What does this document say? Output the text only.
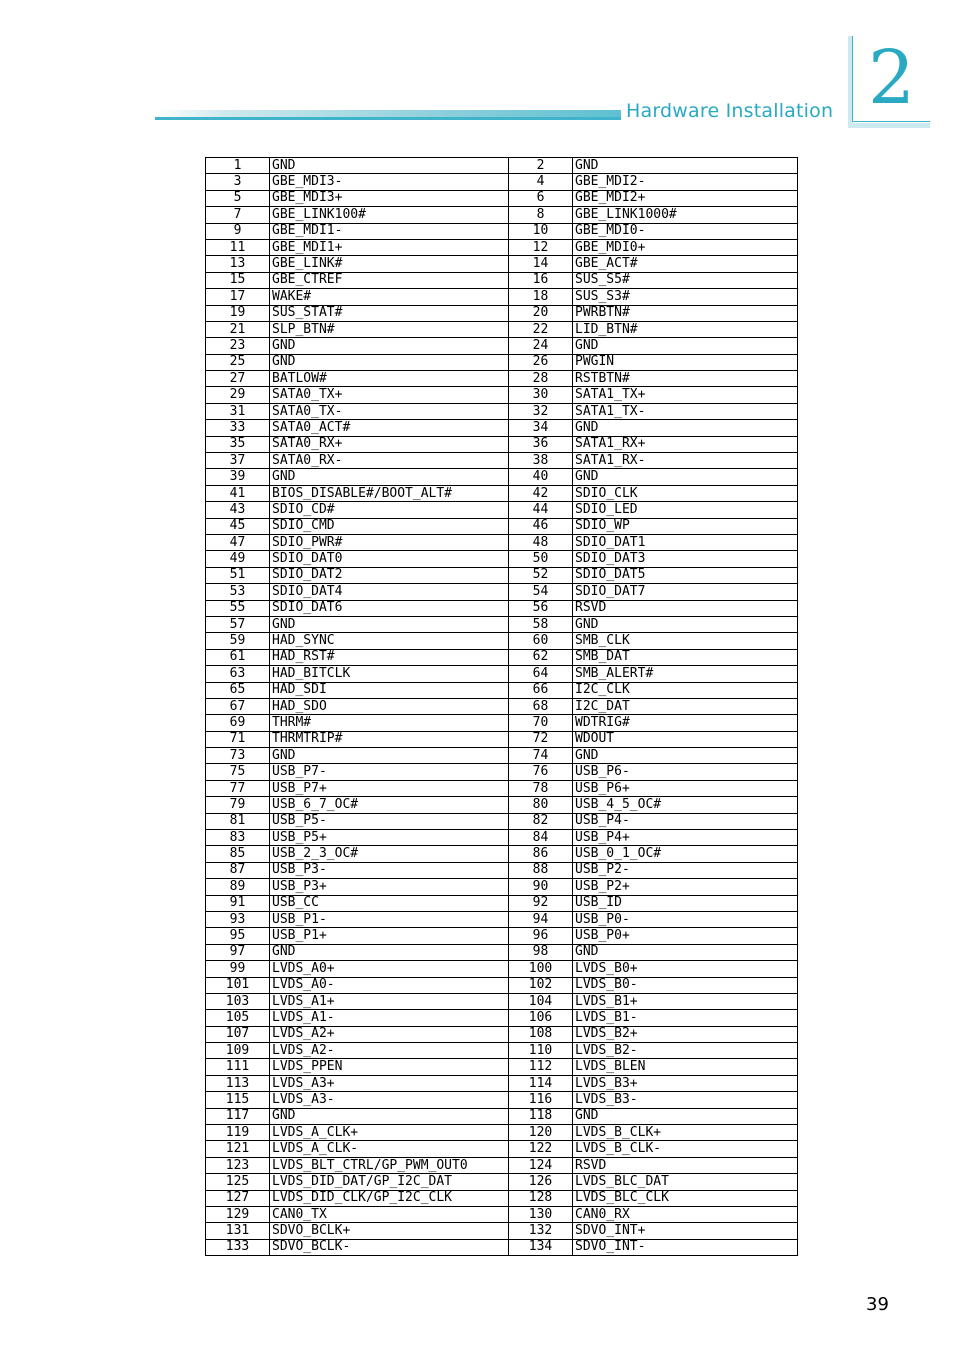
Hardware Installation 2
1	GND	2	GND
3	GBE_MDI3-	4	GBE_MDI2-
5	GBE_MDI3+	6	GBE_MDI2+
7	GBE_LINK100#	8	GBE_LINK1000#
9	GBE_MDI1-	10	GBE_MDI0-
11	GBE_MDI1+	12	GBE_MDI0+
13	GBE_LINK#	14	GBE_ACT#
15	GBE_CTREF	16	SUS_S5#
17	WAKE#	18	SUS_S3#
19	SUS_STAT#	20	PWRBTN#
21	SLP_BTN#	22	LID_BTN#
23	GND	24	GND
25	GND	26	PWGIN
27	BATLOW#	28	RSTBTN#
29	SATA0_TX+	30	SATA1_TX+
31	SATA0_TX-	32	SATA1_TX-
33	SATA0_ACT#	34	GND
35	SATA0_RX+	36	SATA1_RX+
37	SATA0_RX-	38	SATA1_RX-
39	GND	40	GND
41	BIOS_DISABLE#/BOOT_ALT#	42	SDIO_CLK
43	SDIO_CD#	44	SDIO_LED
45	SDIO_CMD	46	SDIO_WP
47	SDIO_PWR#	48	SDIO_DAT1
49	SDIO_DAT0	50	SDIO_DAT3
51	SDIO_DAT2	52	SDIO_DAT5
53	SDIO_DAT4	54	SDIO_DAT7
55	SDIO_DAT6	56	RSVD
57	GND	58	GND
59	HAD_SYNC	60	SMB_CLK
61	HAD_RST#	62	SMB_DAT
63	HAD_BITCLK	64	SMB_ALERT#
65	HAD_SDI	66	I2C_CLK
67	HAD_SDO	68	I2C_DAT
69	THRM#	70	WDTRIG#
71	THRMTRIP#	72	WDOUT
73	GND	74	GND
75	USB_P7-	76	USB_P6-
77	USB_P7+	78	USB_P6+
79	USB_6_7_OC#	80	USB_4_5_OC#
81	USB_P5-	82	USB_P4-
83	USB_P5+	84	USB_P4+
85	USB_2_3_OC#	86	USB_0_1_OC#
87	USB_P3-	88	USB_P2-
89	USB_P3+	90	USB_P2+
91	USB_CC	92	USB_ID
93	USB_P1-	94	USB_P0-
95	USB_P1+	96	USB_P0+
97	GND	98	GND
99	LVDS_A0+	100	LVDS_B0+
101	LVDS_A0-	102	LVDS_B0-
103	LVDS_A1+	104	LVDS_B1+
105	LVDS_A1-	106	LVDS_B1-
107	LVDS_A2+	108	LVDS_B2+
109	LVDS_A2-	110	LVDS_B2-
111	LVDS_PPEN	112	LVDS_BLEN
113	LVDS_A3+	114	LVDS_B3+
115	LVDS_A3-	116	LVDS_B3-
117	GND	118	GND
119	LVDS_A_CLK+	120	LVDS_B_CLK+
121	LVDS_A_CLK-	122	LVDS_B_CLK-
123	LVDS_BLT_CTRL/GP_PWM_OUT0	124	RSVD
125	LVDS_DID_DAT/GP_I2C_DAT	126	LVDS_BLC_DAT
127	LVDS_DID_CLK/GP_I2C_CLK	128	LVDS_BLC_CLK
129	CAN0_TX	130	CAN0_RX
131	SDVO_BCLK+	132	SDVO_INT+
133	SDVO_BCLK-	134	SDVO_INT-
39
